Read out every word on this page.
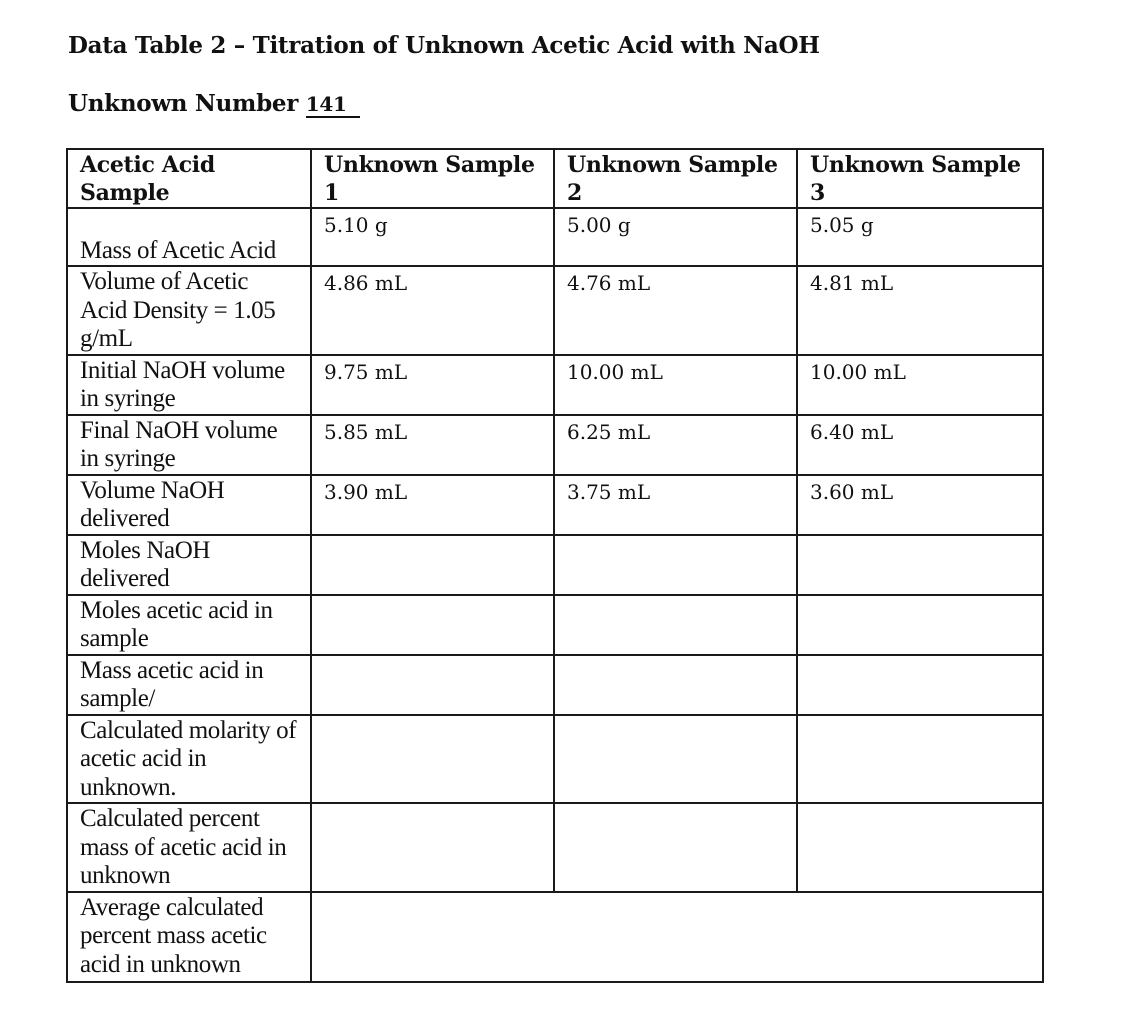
Data Table 2 – Titration of Unknown Acetic Acid with NaOH
Unknown Number 141
Acetic Acid Sample	Unknown Sample 1	Unknown Sample 2	Unknown Sample 3
Mass of Acetic Acid	5.10 g	5.00 g	5.05 g
Volume of Acetic Acid Density = 1.05 g/mL	4.86 mL	4.76 mL	4.81 mL
Initial NaOH volume in syringe	9.75 mL	10.00 mL	10.00 mL
Final NaOH volume in syringe	5.85 mL	6.25 mL	6.40 mL
Volume NaOH delivered	3.90 mL	3.75 mL	3.60 mL
Moles NaOH delivered			
Moles acetic acid in sample			
Mass acetic acid in sample/			
Calculated molarity of acetic acid in unknown.			
Calculated percent mass of acetic acid in unknown			
Average calculated percent mass acetic acid in unknown			
